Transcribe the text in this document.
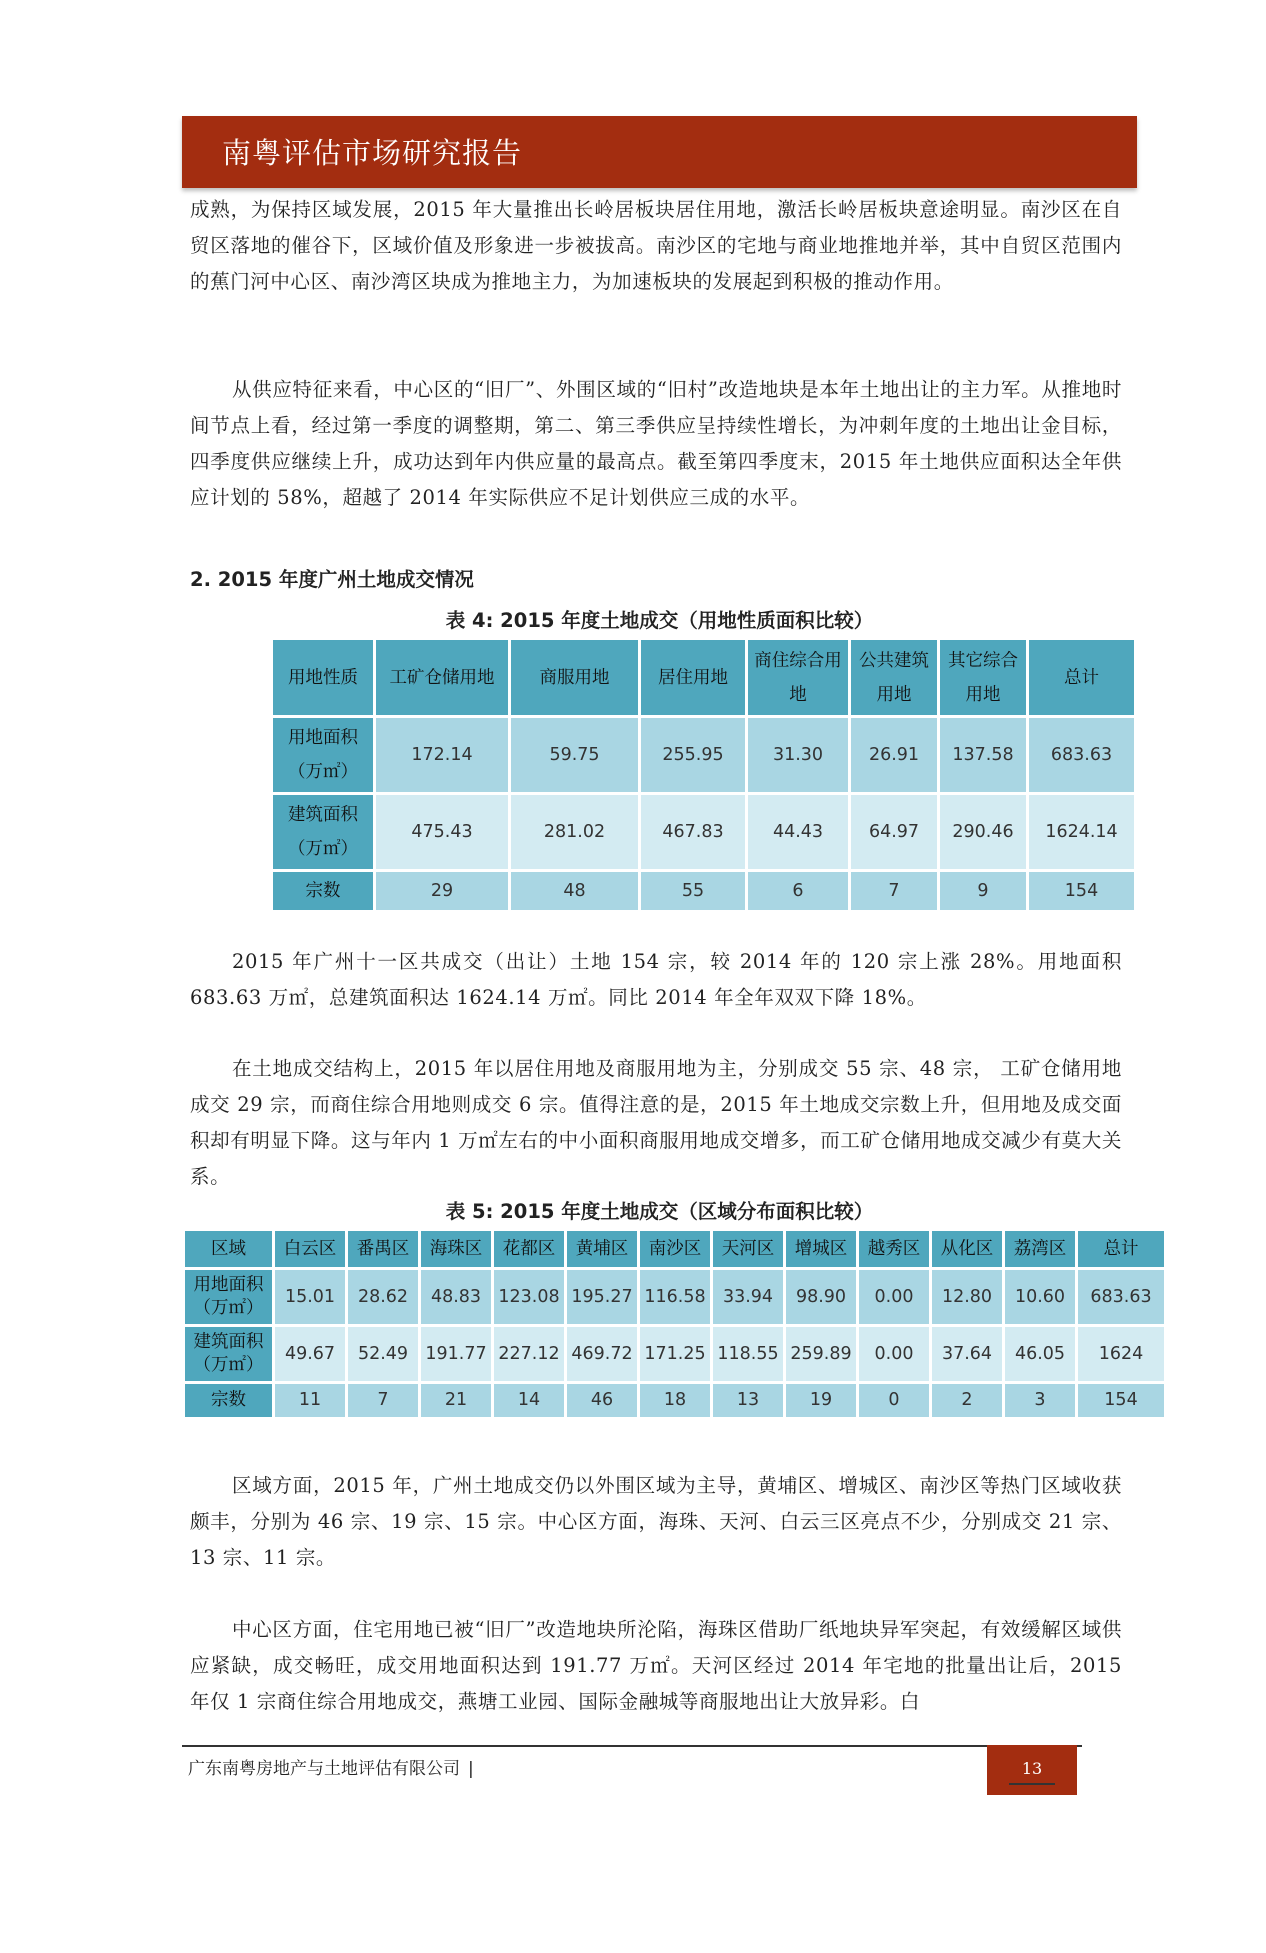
南粤评估市场研究报告

成熟，为保持区域发展，2015 年大量推出长岭居板块居住用地，激活长岭居板块意途明显。南沙区在自贸区落地的催谷下，区域价值及形象进一步被拔高。南沙区的宅地与商业地推地并举，其中自贸区范围内的蕉门河中心区、南沙湾区块成为推地主力，为加速板块的发展起到积极的推动作用。

从供应特征来看，中心区的“旧厂”、外围区域的“旧村”改造地块是本年土地出让的主力军。从推地时间节点上看，经过第一季度的调整期，第二、第三季供应呈持续性增长，为冲刺年度的土地出让金目标，四季度供应继续上升，成功达到年内供应量的最高点。截至第四季度末，2015 年土地供应面积达全年供应计划的 58%，超越了 2014 年实际供应不足计划供应三成的水平。

2. 2015 年度广州土地成交情况

表 4: 2015 年度土地成交（用地性质面积比较）

用地性质	工矿仓储用地	商服用地	居住用地	商住综合用地	公共建筑用地	其它综合用地	总计
用地面积（万㎡）	172.14	59.75	255.95	31.30	26.91	137.58	683.63
建筑面积（万㎡）	475.43	281.02	467.83	44.43	64.97	290.46	1624.14
宗数	29	48	55	6	7	9	154

2015 年广州十一区共成交（出让）土地 154 宗，较 2014 年的 120 宗上涨 28%。用地面积 683.63 万㎡，总建筑面积达 1624.14 万㎡。同比 2014 年全年双双下降 18%。

在土地成交结构上，2015 年以居住用地及商服用地为主，分别成交 55 宗、48 宗， 工矿仓储用地成交 29 宗，而商住综合用地则成交 6 宗。值得注意的是，2015 年土地成交宗数上升，但用地及成交面积却有明显下降。这与年内 1 万㎡左右的中小面积商服用地成交增多，而工矿仓储用地成交减少有莫大关系。

表 5: 2015 年度土地成交（区域分布面积比较）

区域	白云区	番禺区	海珠区	花都区	黄埔区	南沙区	天河区	增城区	越秀区	从化区	荔湾区	总计
用地面积（万㎡）	15.01	28.62	48.83	123.08	195.27	116.58	33.94	98.90	0.00	12.80	10.60	683.63
建筑面积（万㎡）	49.67	52.49	191.77	227.12	469.72	171.25	118.55	259.89	0.00	37.64	46.05	1624
宗数	11	7	21	14	46	18	13	19	0	2	3	154

区域方面，2015 年，广州土地成交仍以外围区域为主导，黄埔区、增城区、南沙区等热门区域收获颇丰，分别为 46 宗、19 宗、15 宗。中心区方面，海珠、天河、白云三区亮点不少，分别成交 21 宗、13 宗、11 宗。

中心区方面，住宅用地已被“旧厂”改造地块所沦陷，海珠区借助厂纸地块异军突起，有效缓解区域供应紧缺，成交畅旺，成交用地面积达到 191.77 万㎡。天河区经过 2014 年宅地的批量出让后，2015 年仅 1 宗商住综合用地成交，燕塘工业园、国际金融城等商服地出让大放异彩。白

广东南粤房地产与土地评估有限公司 |	13
